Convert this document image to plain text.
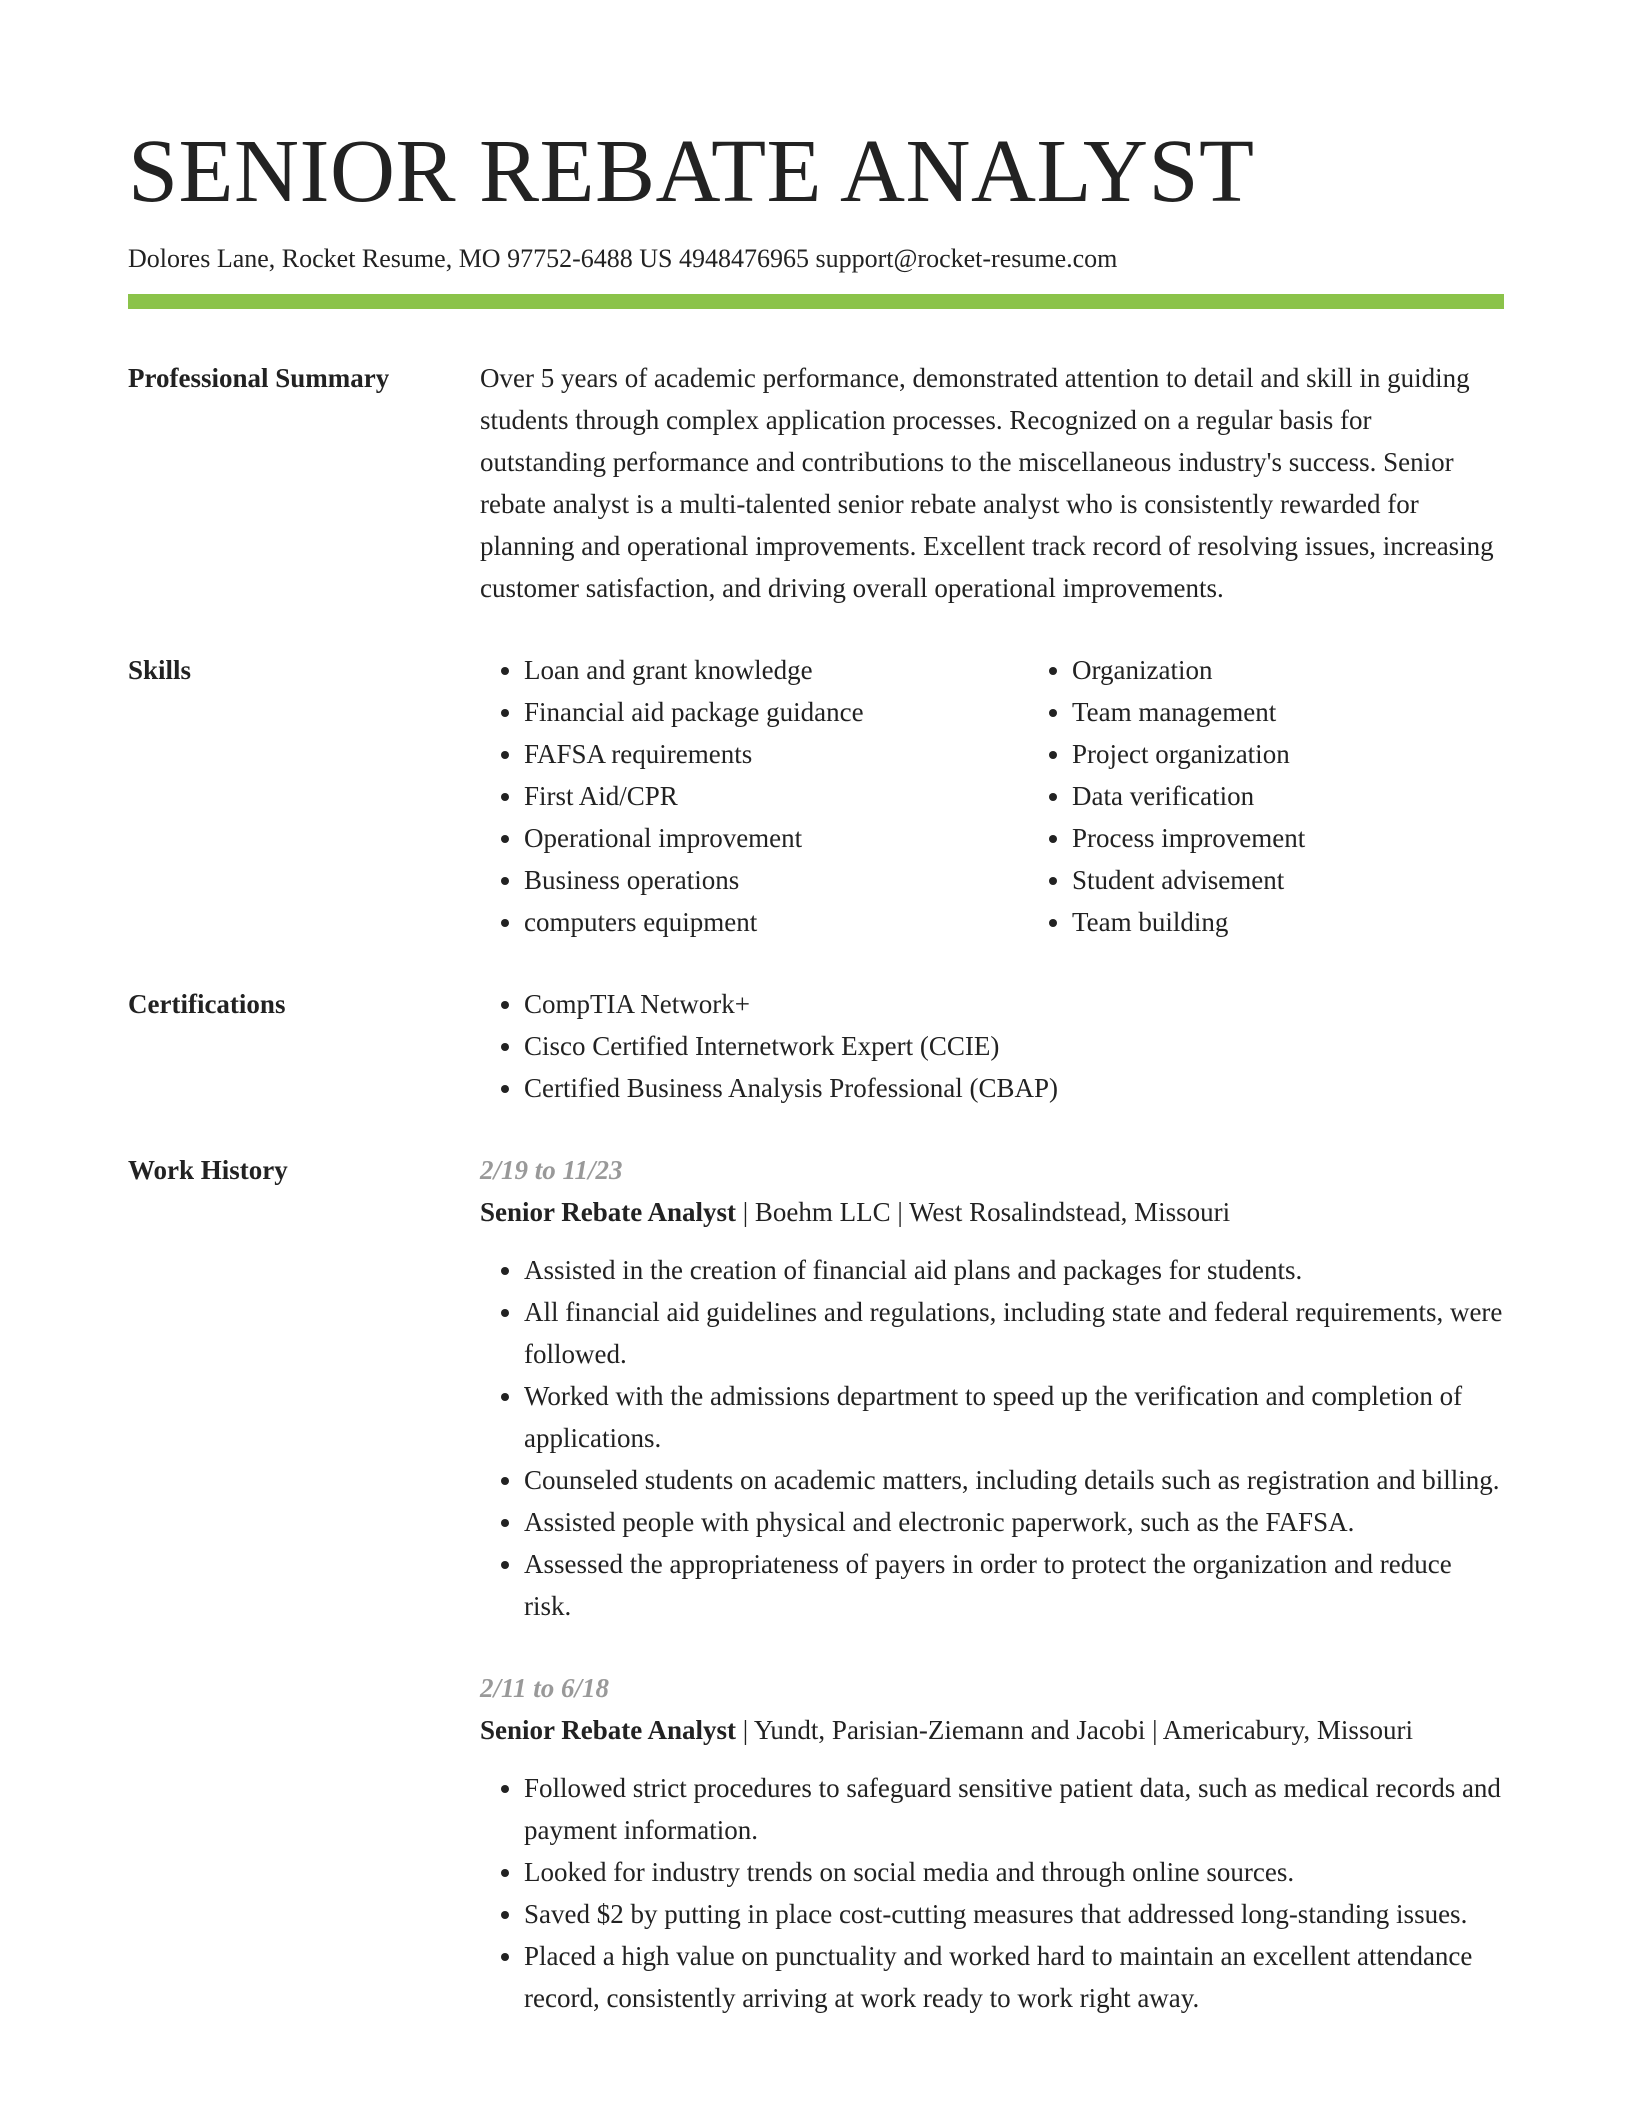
SENIOR REBATE ANALYST
Dolores Lane, Rocket Resume, MO 97752-6488 US 4948476965 support@rocket-resume.com
Professional Summary	Over 5 years of academic performance, demonstrated attention to detail and skill in guiding students through complex application processes. Recognized on a regular basis for outstanding performance and contributions to the miscellaneous industry's success. Senior rebate analyst is a multi-talented senior rebate analyst who is consistently rewarded for planning and operational improvements. Excellent track record of resolving issues, increasing customer satisfaction, and driving overall operational improvements.
Skills	• Loan and grant knowledge
• Financial aid package guidance
• FAFSA requirements
• First Aid/CPR
• Operational improvement
• Business operations
• computers equipment
• Organization
• Team management
• Project organization
• Data verification
• Process improvement
• Student advisement
• Team building
Certifications	• CompTIA Network+
• Cisco Certified Internetwork Expert (CCIE)
• Certified Business Analysis Professional (CBAP)
Work History	2/19 to 11/23
Senior Rebate Analyst | Boehm LLC | West Rosalindstead, Missouri
• Assisted in the creation of financial aid plans and packages for students.
• All financial aid guidelines and regulations, including state and federal requirements, were followed.
• Worked with the admissions department to speed up the verification and completion of applications.
• Counseled students on academic matters, including details such as registration and billing.
• Assisted people with physical and electronic paperwork, such as the FAFSA.
• Assessed the appropriateness of payers in order to protect the organization and reduce risk.
2/11 to 6/18
Senior Rebate Analyst | Yundt, Parisian-Ziemann and Jacobi | Americabury, Missouri
• Followed strict procedures to safeguard sensitive patient data, such as medical records and payment information.
• Looked for industry trends on social media and through online sources.
• Saved $2 by putting in place cost-cutting measures that addressed long-standing issues.
• Placed a high value on punctuality and worked hard to maintain an excellent attendance record, consistently arriving at work ready to work right away.
